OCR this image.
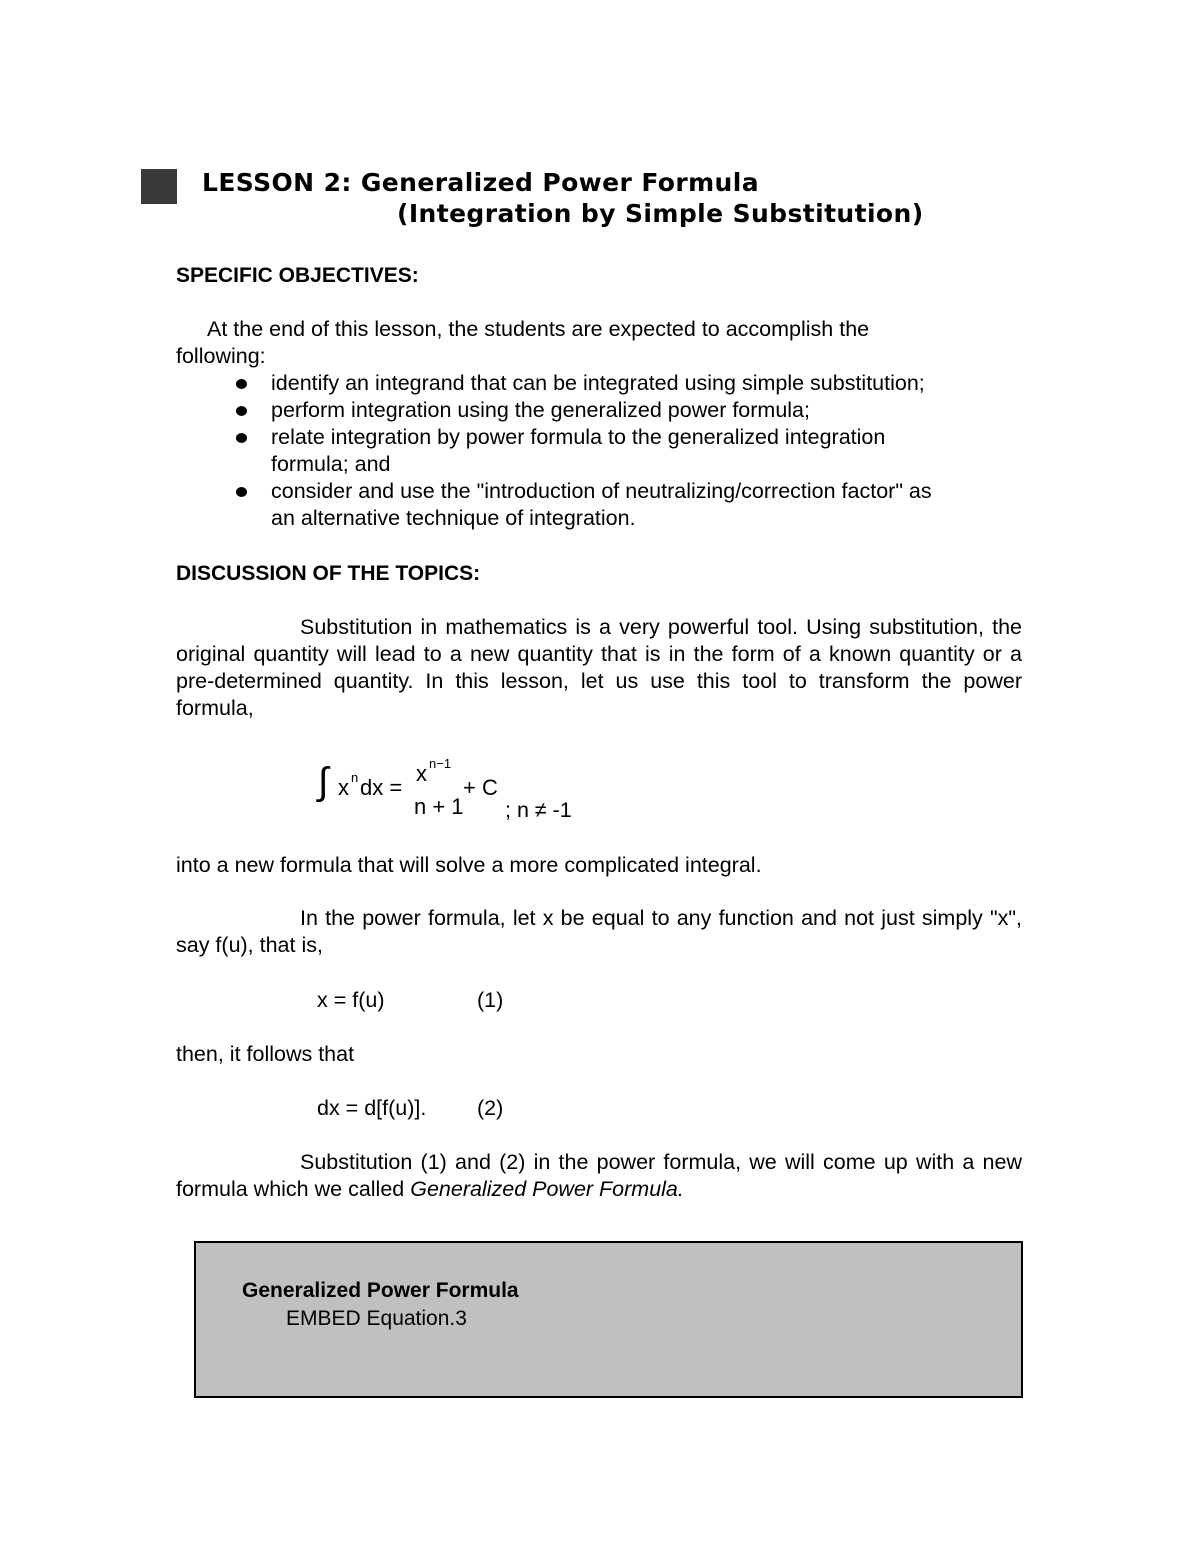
LESSON 2: Generalized Power Formula
(Integration by Simple Substitution)
SPECIFIC OBJECTIVES:
At the end of this lesson, the students are expected to accomplish the
following:
identify an integrand that can be integrated using simple substitution;
perform integration using the generalized power formula;
relate integration by power formula to the generalized integration
formula; and
consider and use the "introduction of neutralizing/correction factor" as
an alternative technique of integration.
DISCUSSION OF THE TOPICS:
Substitution in mathematics is a very powerful tool. Using substitution, the original quantity will lead to a new quantity that is in the form of a known quantity or a pre-determined quantity. In this lesson, let us use this tool to transform the power formula,
∫ x n dx =
x n−1
n + 1
+ C
; n ≠ -1
into a new formula that will solve a more complicated integral.
In the power formula, let x be equal to any function and not just simply "x", say f(u), that is,
x = f(u)	(1)
then, it follows that
dx = d[f(u)]. (2)
Substitution (1) and (2) in the power formula, we will come up with a new formula which we called Generalized Power Formula.
Generalized Power Formula
EMBED Equation.3
